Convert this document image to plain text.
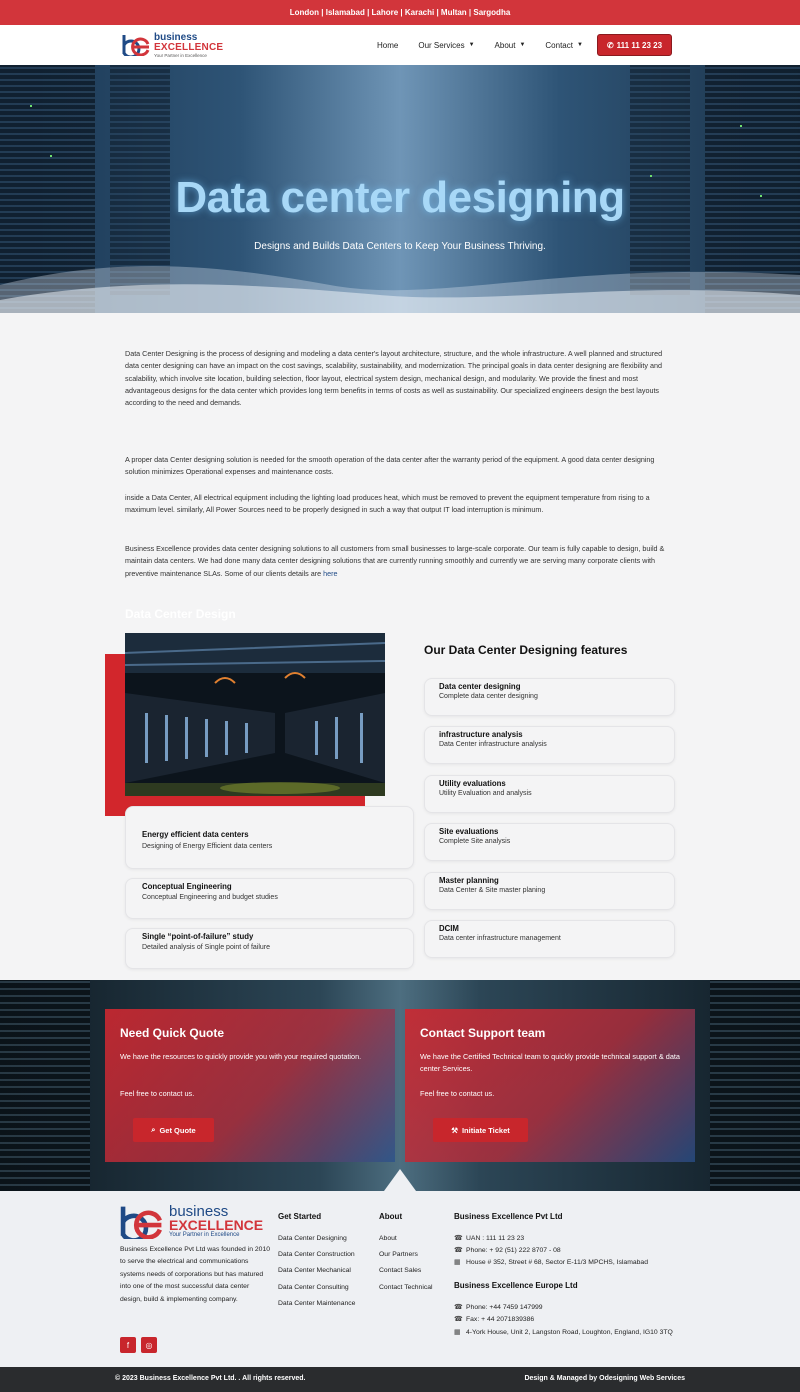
London | Islamabad | Lahore | Karachi | Multan | Sargodha
business
EXCELLENCE
Your Partner in Excellence
Home	Our Services ▼	About ▼	Contact ▼	✆ 111 11 23 23
Data center designing
Designs and Builds Data Centers to Keep Your Business Thriving.
Data Center Designing is the process of designing and modeling a data center's layout architecture, structure, and the whole infrastructure. A well planned and structured data center designing can have an impact on the cost savings, scalability, sustainability, and modernization. The principal goals in data center designing are flexibility and scalability, which involve site location, building selection, floor layout, electrical system design, mechanical design, and modularity. We provide the finest and most advantageous designs for the data center which provides long term benefits in terms of costs as well as sustainability. Our specialized engineers design the best layouts according to the need and demands.
A proper data Center designing solution is needed for the smooth operation of the data center after the warranty period of the equipment. A good data center designing solution minimizes Operational expenses and maintenance costs.
inside a Data Center, All electrical equipment including the lighting load produces heat, which must be removed to prevent the equipment temperature from rising to a maximum level. similarly, All Power Sources need to be properly designed in such a way that output IT load interruption is minimum.
Business Excellence provides data center designing solutions to all customers from small businesses to large-scale corporate. Our team is fully capable to design, build & maintain data centers. We had done many data center designing solutions that are currently running smoothly and currently we are serving many corporate clients with preventive maintenance SLAs. Some of our clients details are here
Data Center Design
Our Data Center Designing features
Data center designing
Complete data center designing
infrastructure analysis
Data Center infrastructure analysis
Utility evaluations
Utility Evaluation and analysis
Site evaluations
Complete Site analysis
Master planning
Data Center & Site master planing
DCIM
Data center infrastructure management
Energy efficient data centers
Designing of Energy Efficient data centers
Conceptual Engineering
Conceptual Engineering and budget studies
Single “point-of-failure” study
Detailed analysis of Single point of failure
Need Quick Quote
We have the resources to quickly provide you with your required quotation.
Feel free to contact us.
⌕ Get Quote
Contact Support team
We have the Certified Technical team to quickly provide technical support & data center Services.
Feel free to contact us.
⚒ Initiate Ticket
business
EXCELLENCE
Your Partner in Excellence
Business Excellence Pvt Ltd was founded in 2010 to serve the electrical and communications systems needs of corporations but has matured into one of the most successful data center design, build & implementing company.
f	◎
Get Started
Data Center Designing
Data Center Construction
Data Center Mechanical
Data Center Consulting
Data Center Maintenance
About
About
Our Partners
Contact Sales
Contact Technical
Business Excellence Pvt Ltd
☎ UAN : 111 11 23 23
☎ Phone: + 92 (51) 222 8707 - 08
▦ House # 352, Street # 68, Sector E-11/3 MPCHS, Islamabad
Business Excellence Europe Ltd
☎ Phone: +44 7459 147999
☎ Fax: + 44 2071839386
▦ 4-York House, Unit 2, Langston Road, Loughton, England, IG10 3TQ
© 2023 Business Excellence Pvt Ltd. . All rights reserved.	Design & Managed by Odesigning Web Services
